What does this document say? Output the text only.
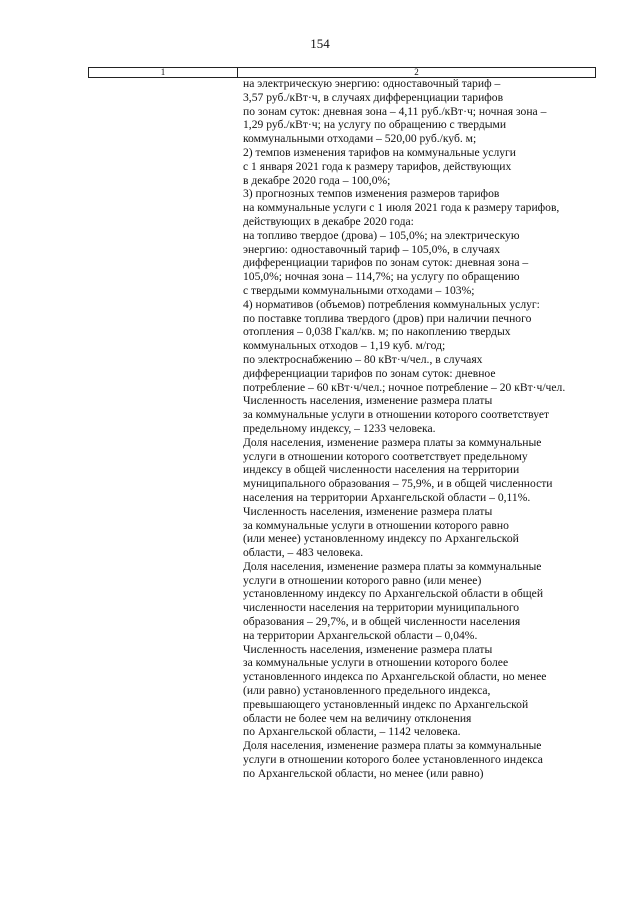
154
1	2
на электрическую энергию: одноставочный тариф –
3,57 руб./кВт·ч, в случаях дифференциации тарифов
по зонам суток: дневная зона – 4,11 руб./кВт·ч; ночная зона –
1,29 руб./кВт·ч; на услугу по обращению с твердыми
коммунальными отходами – 520,00 руб./куб. м;
2) темпов изменения тарифов на коммунальные услуги
с 1 января 2021 года к размеру тарифов, действующих
в декабре 2020 года – 100,0%;
3) прогнозных темпов изменения размеров тарифов
на коммунальные услуги с 1 июля 2021 года к размеру тарифов,
действующих в декабре 2020 года:
на топливо твердое (дрова) – 105,0%; на электрическую
энергию: одноставочный тариф – 105,0%, в случаях
дифференциации тарифов по зонам суток: дневная зона –
105,0%; ночная зона – 114,7%; на услугу по обращению
с твердыми коммунальными отходами – 103%;
4) нормативов (объемов) потребления коммунальных услуг:
по поставке топлива твердого (дров) при наличии печного
отопления – 0,038 Гкал/кв. м; по накоплению твердых
коммунальных отходов – 1,19 куб. м/год;
по электроснабжению – 80 кВт·ч/чел., в случаях
дифференциации тарифов по зонам суток: дневное
потребление – 60 кВт·ч/чел.; ночное потребление – 20 кВт·ч/чел.
Численность населения, изменение размера платы
за коммунальные услуги в отношении которого соответствует
предельному индексу, – 1233 человека.
Доля населения, изменение размера платы за коммунальные
услуги в отношении которого соответствует предельному
индексу в общей численности населения на территории
муниципального образования – 75,9%, и в общей численности
населения на территории Архангельской области – 0,11%.
Численность населения, изменение размера платы
за коммунальные услуги в отношении которого равно
(или менее) установленному индексу по Архангельской
области, – 483 человека.
Доля населения, изменение размера платы за коммунальные
услуги в отношении которого равно (или менее)
установленному индексу по Архангельской области в общей
численности населения на территории муниципального
образования – 29,7%, и в общей численности населения
на территории Архангельской области – 0,04%.
Численность населения, изменение размера платы
за коммунальные услуги в отношении которого более
установленного индекса по Архангельской области, но менее
(или равно) установленного предельного индекса,
превышающего установленный индекс по Архангельской
области не более чем на величину отклонения
по Архангельской области, – 1142 человека.
Доля населения, изменение размера платы за коммунальные
услуги в отношении которого более установленного индекса
по Архангельской области, но менее (или равно)
